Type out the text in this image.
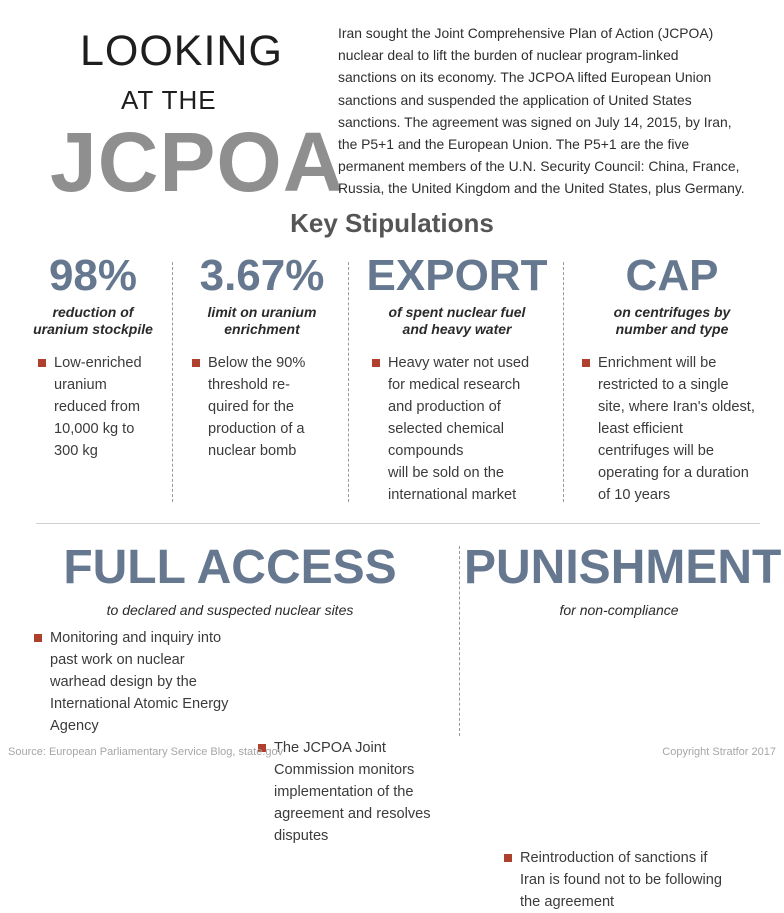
LOOKING
AT THE
JCPOA
Iran sought the Joint Comprehensive Plan of Action (JCPOA)
nuclear deal to lift the burden of nuclear program-linked
sanctions on its economy. The JCPOA lifted European Union
sanctions and suspended the application of United States
sanctions. The agreement was signed on July 14, 2015, by Iran,
the P5+1 and the European Union. The P5+1 are the five
permanent members of the U.N. Security Council: China, France,
Russia, the United Kingdom and the United States, plus Germany.
Key Stipulations
98%
reduction of
uranium stockpile
Low-enriched
uranium
reduced from
10,000 kg to
300 kg
3.67%
limit on uranium
enrichment
Below the 90%
threshold re-
quired for the
production of a
nuclear bomb
EXPORT
of spent nuclear fuel
and heavy water
Heavy water not used
for medical research
and production of
selected chemical
compounds
will be sold on the
international market
CAP
on centrifuges by
number and type
Enrichment will be
restricted to a single
site, where Iran's oldest,
least efficient
centrifuges will be
operating for a duration
of 10 years
FULL ACCESS
to declared and suspected nuclear sites
Monitoring and inquiry into
past work on nuclear
warhead design by the
International Atomic Energy
Agency
The JCPOA Joint
Commission monitors
implementation of the
agreement and resolves
disputes
PUNISHMENT
for non-compliance
Reintroduction of sanctions if
Iran is found not to be following
the agreement
Source: European Parliamentary Service Blog, state.gov	Copyright Stratfor 2017
